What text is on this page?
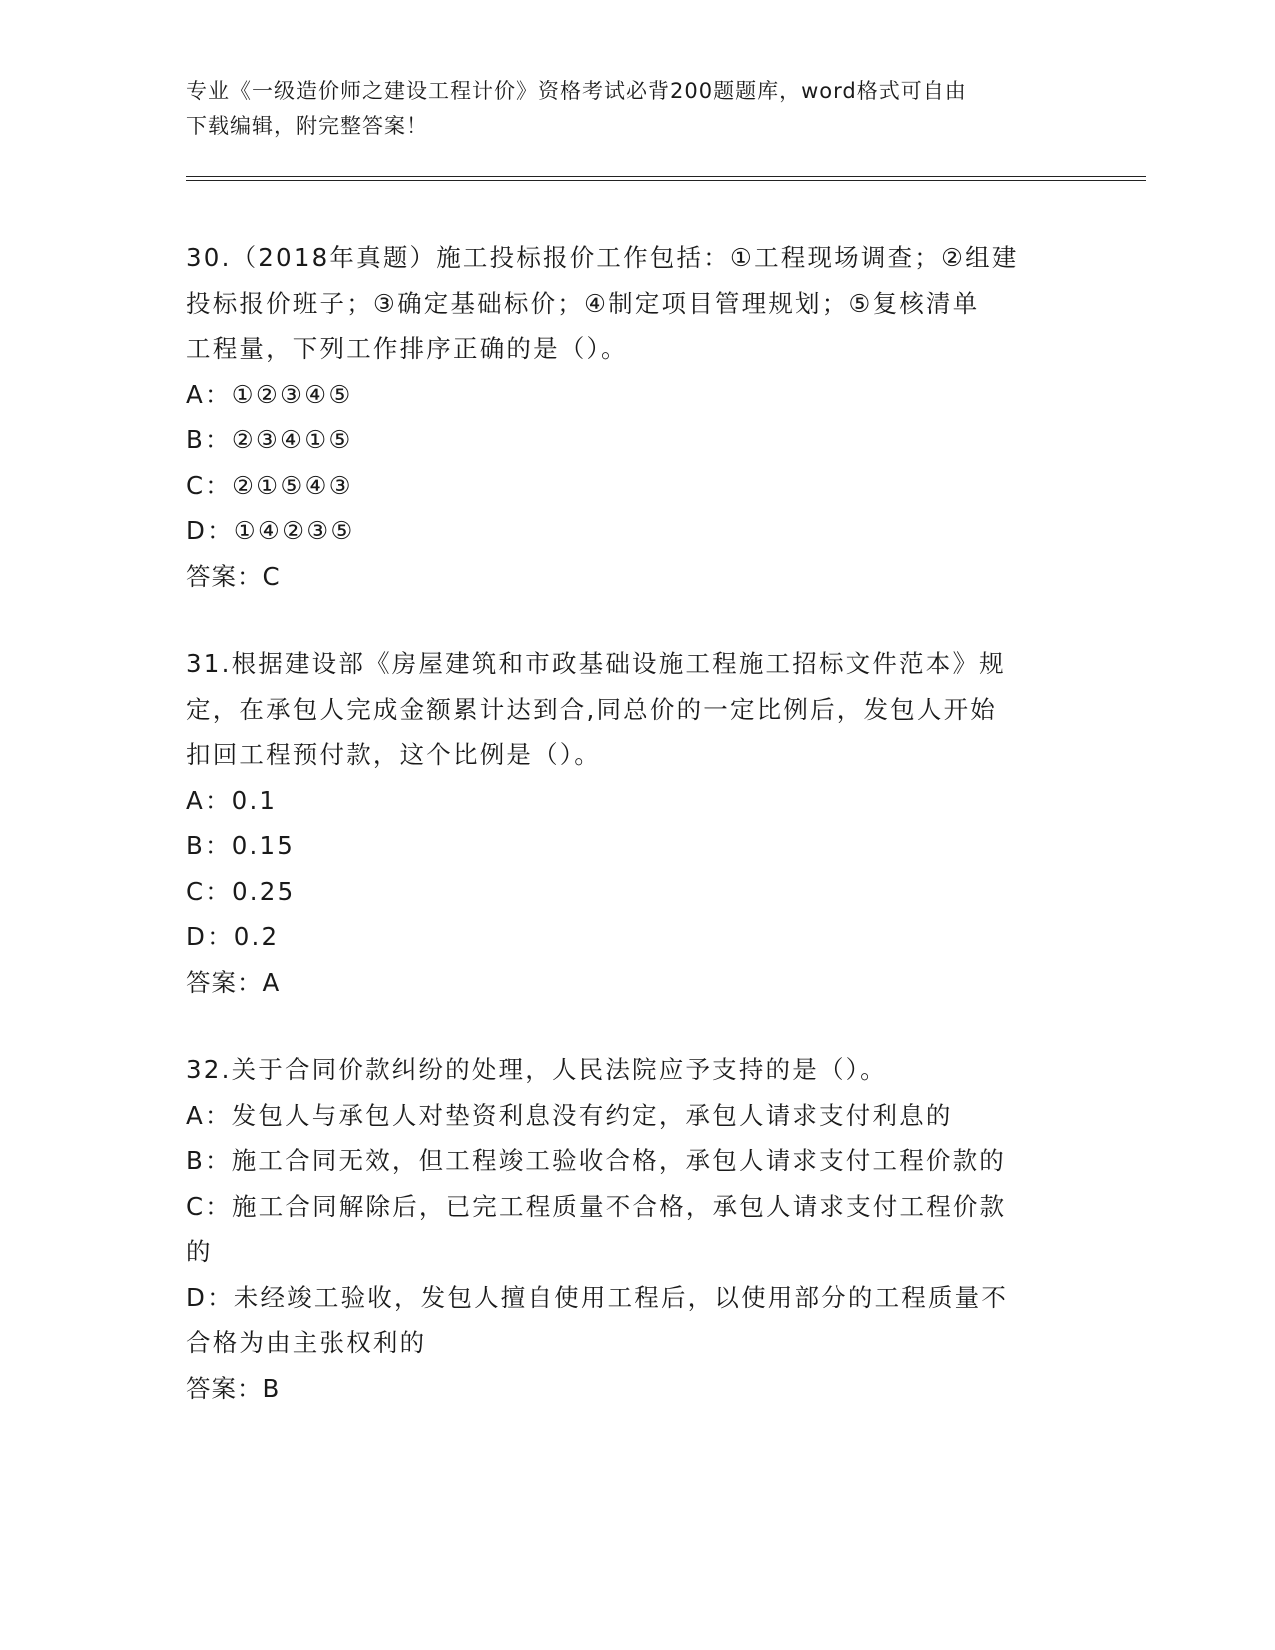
专业《一级造价师之建设工程计价》资格考试必背200题题库，word格式可自由
下载编辑，附完整答案！

30.（2018年真题）施工投标报价工作包括：①工程现场调查；②组建

投标报价班子；③确定基础标价；④制定项目管理规划；⑤复核清单

工程量，下列工作排序正确的是（）。

A：①②③④⑤

B：②③④①⑤

C：②①⑤④③

D：①④②③⑤

答案：C

31.根据建设部《房屋建筑和市政基础设施工程施工招标文件范本》规

定，在承包人完成金额累计达到合,同总价的一定比例后，发包人开始

扣回工程预付款，这个比例是（）。

A：0.1

B：0.15

C：0.25

D：0.2

答案：A

32.关于合同价款纠纷的处理，人民法院应予支持的是（）。

A：发包人与承包人对垫资利息没有约定，承包人请求支付利息的

B：施工合同无效，但工程竣工验收合格，承包人请求支付工程价款的

C：施工合同解除后，已完工程质量不合格，承包人请求支付工程价款

的

D：未经竣工验收，发包人擅自使用工程后，以使用部分的工程质量不

合格为由主张权利的

答案：B
